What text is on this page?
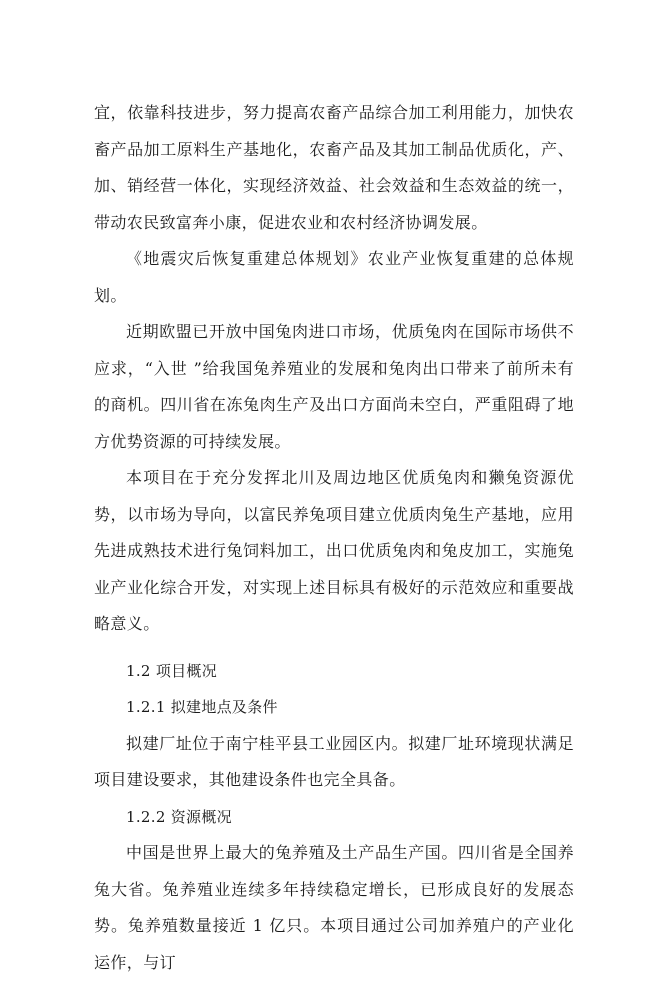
宜，依靠科技进步，努力提高农畜产品综合加工利用能力，加快农畜产品加工原料生产基地化，农畜产品及其加工制品优质化，产、加、销经营一体化，实现经济效益、社会效益和生态效益的统一，带动农民致富奔小康，促进农业和农村经济协调发展。

《地震灾后恢复重建总体规划》农业产业恢复重建的总体规划。

近期欧盟已开放中国兔肉进口市场，优质兔肉在国际市场供不应求，“入世 ”给我国兔养殖业的发展和兔肉出口带来了前所未有的商机。四川省在冻兔肉生产及出口方面尚未空白，严重阻碍了地方优势资源的可持续发展。

本项目在于充分发挥北川及周边地区优质兔肉和獭兔资源优势，以市场为导向，以富民养兔项目建立优质肉兔生产基地，应用先进成熟技术进行兔饲料加工，出口优质兔肉和兔皮加工，实施兔业产业化综合开发，对实现上述目标具有极好的示范效应和重要战略意义。

1.2 项目概况

1.2.1 拟建地点及条件

拟建厂址位于南宁桂平县工业园区内。拟建厂址环境现状满足项目建设要求，其他建设条件也完全具备。

1.2.2 资源概况

中国是世界上最大的兔养殖及土产品生产国。四川省是全国养兔大省。兔养殖业连续多年持续稳定增长，已形成良好的发展态势。兔养殖数量接近 1 亿只。本项目通过公司加养殖户的产业化运作，与订
